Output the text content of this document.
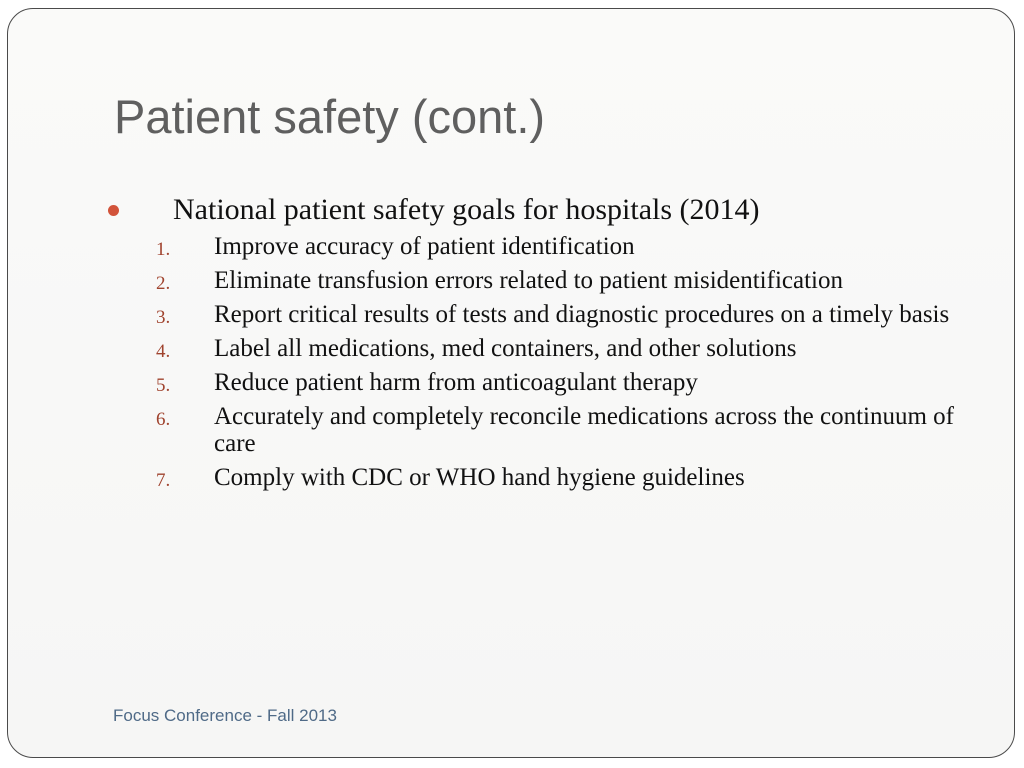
Patient safety (cont.)
National patient safety goals for hospitals (2014)
1.	Improve accuracy of patient identification
2.	Eliminate transfusion errors related to patient misidentification
3.	Report critical results of tests and diagnostic procedures on a timely basis
4.	Label all medications, med containers, and other solutions
5.	Reduce patient harm from anticoagulant therapy
6.	Accurately and completely reconcile medications across the continuum of care
7.	Comply with CDC or WHO hand hygiene guidelines
Focus Conference - Fall 2013
